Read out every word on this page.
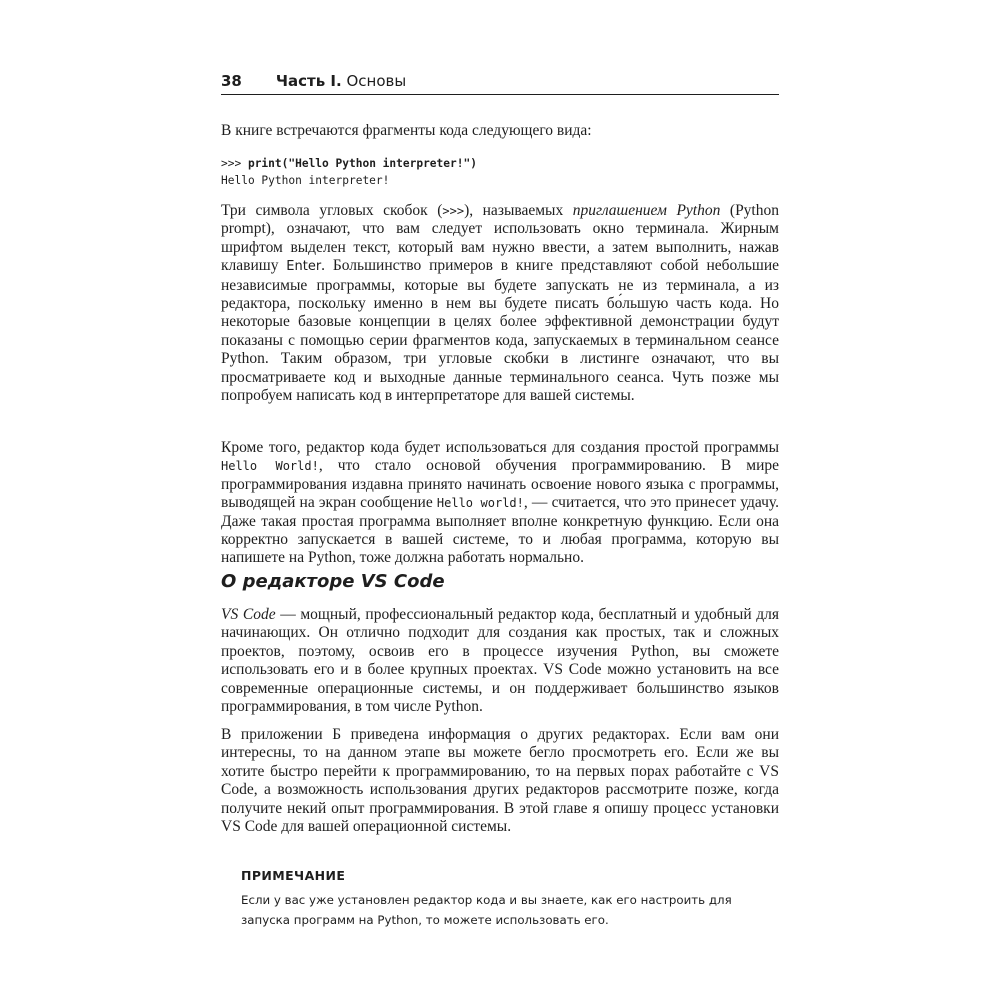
38 Часть I. Основы
В книге встречаются фрагменты кода следующего вида:
>>> print("Hello Python interpreter!")
Hello Python interpreter!
Три символа угловых скобок (>>>), называемых приглашением Python (Python prompt), означают, что вам следует использовать окно терминала. Жирным шрифтом выделен текст, который вам нужно ввести, а затем выполнить, нажав клавишу Enter. Большинство примеров в книге представляют собой небольшие независимые программы, которые вы будете запускать не из терминала, а из редактора, поскольку именно в нем вы будете писать бо́льшую часть кода. Но некоторые базовые концепции в целях более эффективной демонстрации будут показаны с помощью серии фрагментов кода, запускаемых в терминальном сеансе Python. Таким образом, три угловые скобки в листинге означают, что вы просматриваете код и выходные данные терминального сеанса. Чуть позже мы попробуем написать код в интерпретаторе для вашей системы.
Кроме того, редактор кода будет использоваться для создания простой программы Hello World!, что стало основой обучения программированию. В мире программирования издавна принято начинать освоение нового языка с программы, выводящей на экран сообщение Hello world!, — считается, что это принесет удачу. Даже такая простая программа выполняет вполне конкретную функцию. Если она корректно запускается в вашей системе, то и любая программа, которую вы напишете на Python, тоже должна работать нормально.
О редакторе VS Code
VS Code — мощный, профессиональный редактор кода, бесплатный и удобный для начинающих. Он отлично подходит для создания как простых, так и сложных проектов, поэтому, освоив его в процессе изучения Python, вы сможете использовать его и в более крупных проектах. VS Code можно установить на все современные операционные системы, и он поддерживает большинство языков программирования, в том числе Python.
В приложении Б приведена информация о других редакторах. Если вам они интересны, то на данном этапе вы можете бегло просмотреть его. Если же вы хотите быстро перейти к программированию, то на первых порах работайте с VS Code, а возможность использования других редакторов рассмотрите позже, когда получите некий опыт программирования. В этой главе я опишу процесс установки VS Code для вашей операционной системы.
ПРИМЕЧАНИЕ
Если у вас уже установлен редактор кода и вы знаете, как его настроить для запуска программ на Python, то можете использовать его.
